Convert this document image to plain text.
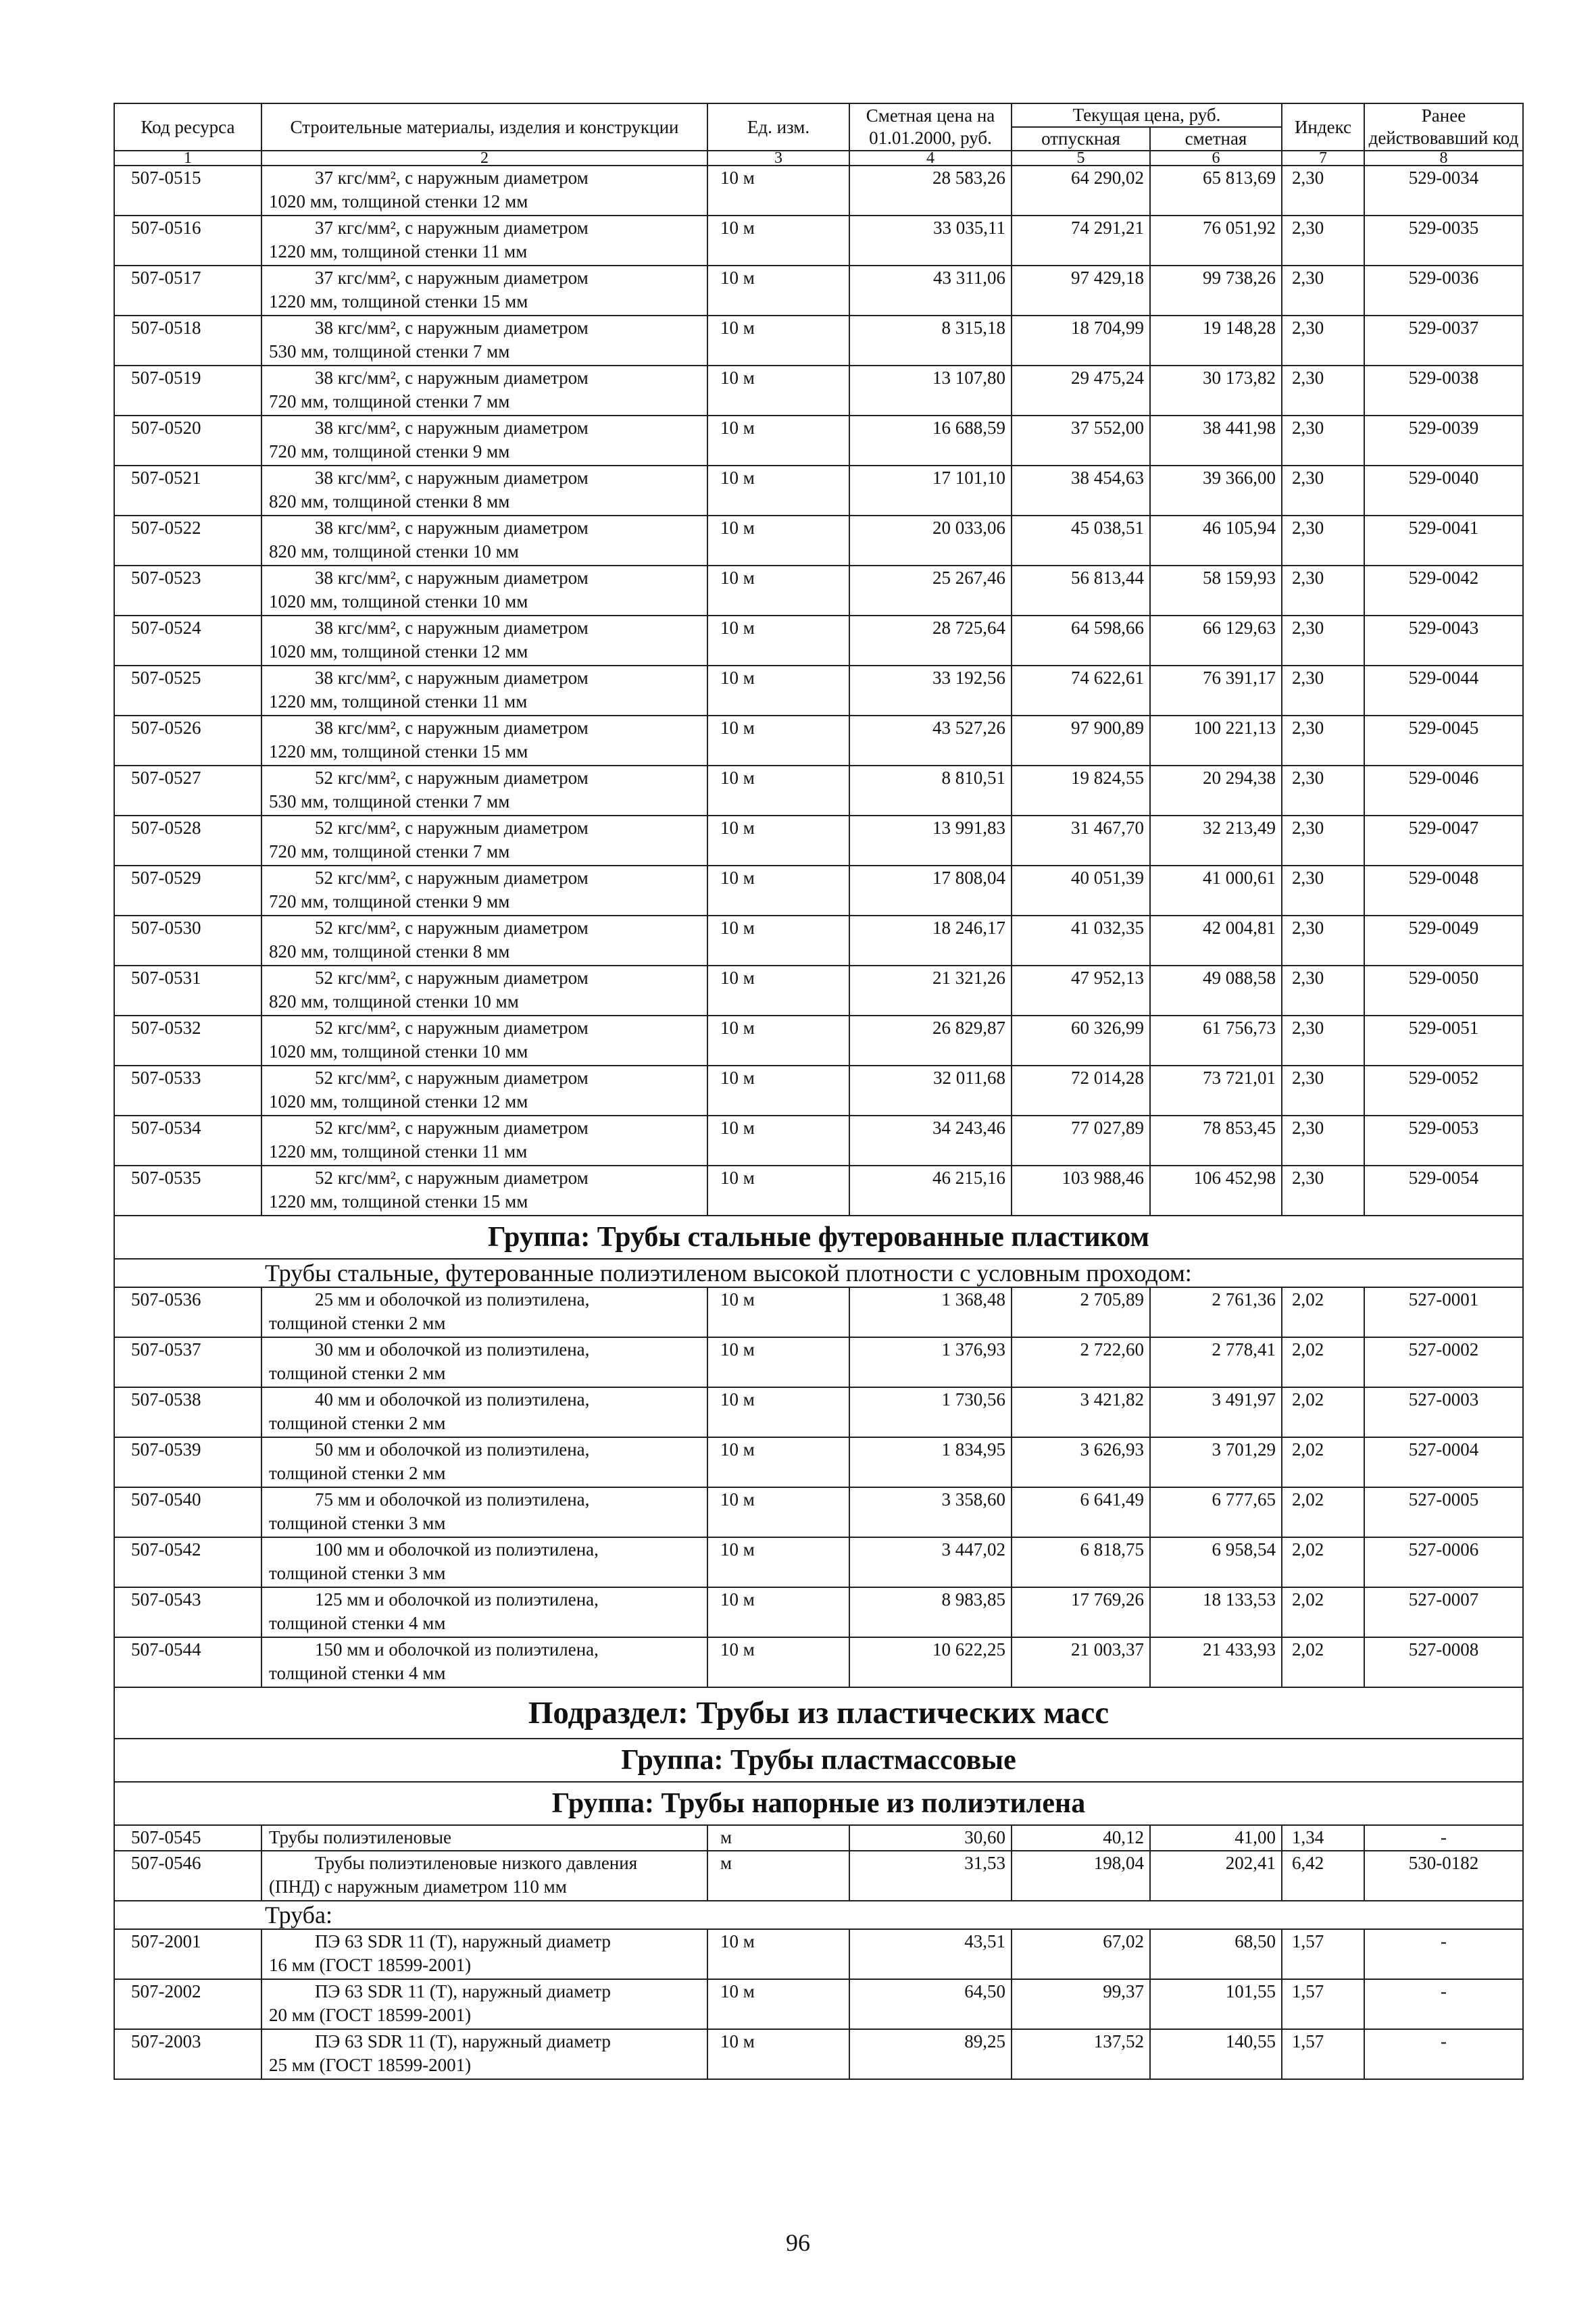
Код ресурса	Строительные материалы, изделия и конструкции	Ед. изм.	Сметная цена на 01.01.2000, руб.	Текущая цена, руб.		Индекс	Ранее действовавший код
				отпускная	сметная		
1	2	3	4	5	6	7	8
507-0515	37 кгс/мм², с наружным диаметром
1020 мм, толщиной стенки 12 мм	10 м	28 583,26	64 290,02	65 813,69	2,30	529-0034
507-0516	37 кгс/мм², с наружным диаметром
1220 мм, толщиной стенки 11 мм	10 м	33 035,11	74 291,21	76 051,92	2,30	529-0035
507-0517	37 кгс/мм², с наружным диаметром
1220 мм, толщиной стенки 15 мм	10 м	43 311,06	97 429,18	99 738,26	2,30	529-0036
507-0518	38 кгс/мм², с наружным диаметром
530 мм, толщиной стенки 7 мм	10 м	8 315,18	18 704,99	19 148,28	2,30	529-0037
507-0519	38 кгс/мм², с наружным диаметром
720 мм, толщиной стенки 7 мм	10 м	13 107,80	29 475,24	30 173,82	2,30	529-0038
507-0520	38 кгс/мм², с наружным диаметром
720 мм, толщиной стенки 9 мм	10 м	16 688,59	37 552,00	38 441,98	2,30	529-0039
507-0521	38 кгс/мм², с наружным диаметром
820 мм, толщиной стенки 8 мм	10 м	17 101,10	38 454,63	39 366,00	2,30	529-0040
507-0522	38 кгс/мм², с наружным диаметром
820 мм, толщиной стенки 10 мм	10 м	20 033,06	45 038,51	46 105,94	2,30	529-0041
507-0523	38 кгс/мм², с наружным диаметром
1020 мм, толщиной стенки 10 мм	10 м	25 267,46	56 813,44	58 159,93	2,30	529-0042
507-0524	38 кгс/мм², с наружным диаметром
1020 мм, толщиной стенки 12 мм	10 м	28 725,64	64 598,66	66 129,63	2,30	529-0043
507-0525	38 кгс/мм², с наружным диаметром
1220 мм, толщиной стенки 11 мм	10 м	33 192,56	74 622,61	76 391,17	2,30	529-0044
507-0526	38 кгс/мм², с наружным диаметром
1220 мм, толщиной стенки 15 мм	10 м	43 527,26	97 900,89	100 221,13	2,30	529-0045
507-0527	52 кгс/мм², с наружным диаметром
530 мм, толщиной стенки 7 мм	10 м	8 810,51	19 824,55	20 294,38	2,30	529-0046
507-0528	52 кгс/мм², с наружным диаметром
720 мм, толщиной стенки 7 мм	10 м	13 991,83	31 467,70	32 213,49	2,30	529-0047
507-0529	52 кгс/мм², с наружным диаметром
720 мм, толщиной стенки 9 мм	10 м	17 808,04	40 051,39	41 000,61	2,30	529-0048
507-0530	52 кгс/мм², с наружным диаметром
820 мм, толщиной стенки 8 мм	10 м	18 246,17	41 032,35	42 004,81	2,30	529-0049
507-0531	52 кгс/мм², с наружным диаметром
820 мм, толщиной стенки 10 мм	10 м	21 321,26	47 952,13	49 088,58	2,30	529-0050
507-0532	52 кгс/мм², с наружным диаметром
1020 мм, толщиной стенки 10 мм	10 м	26 829,87	60 326,99	61 756,73	2,30	529-0051
507-0533	52 кгс/мм², с наружным диаметром
1020 мм, толщиной стенки 12 мм	10 м	32 011,68	72 014,28	73 721,01	2,30	529-0052
507-0534	52 кгс/мм², с наружным диаметром
1220 мм, толщиной стенки 11 мм	10 м	34 243,46	77 027,89	78 853,45	2,30	529-0053
507-0535	52 кгс/мм², с наружным диаметром
1220 мм, толщиной стенки 15 мм	10 м	46 215,16	103 988,46	106 452,98	2,30	529-0054
Группа: Трубы стальные футерованные пластиком							
Трубы стальные, футерованные полиэтиленом высокой плотности с условным проходом:							
507-0536	25 мм и оболочкой из полиэтилена,
толщиной стенки 2 мм	10 м	1 368,48	2 705,89	2 761,36	2,02	527-0001
507-0537	30 мм и оболочкой из полиэтилена,
толщиной стенки 2 мм	10 м	1 376,93	2 722,60	2 778,41	2,02	527-0002
507-0538	40 мм и оболочкой из полиэтилена,
толщиной стенки 2 мм	10 м	1 730,56	3 421,82	3 491,97	2,02	527-0003
507-0539	50 мм и оболочкой из полиэтилена,
толщиной стенки 2 мм	10 м	1 834,95	3 626,93	3 701,29	2,02	527-0004
507-0540	75 мм и оболочкой из полиэтилена,
толщиной стенки 3 мм	10 м	3 358,60	6 641,49	6 777,65	2,02	527-0005
507-0542	100 мм и оболочкой из полиэтилена,
толщиной стенки 3 мм	10 м	3 447,02	6 818,75	6 958,54	2,02	527-0006
507-0543	125 мм и оболочкой из полиэтилена,
толщиной стенки 4 мм	10 м	8 983,85	17 769,26	18 133,53	2,02	527-0007
507-0544	150 мм и оболочкой из полиэтилена,
толщиной стенки 4 мм	10 м	10 622,25	21 003,37	21 433,93	2,02	527-0008
Подраздел: Трубы из пластических масс							
Группа: Трубы пластмассовые							
Группа: Трубы напорные из полиэтилена							
507-0545	Трубы полиэтиленовые	м	30,60	40,12	41,00	1,34	-
507-0546	Трубы полиэтиленовые низкого давления
(ПНД) с наружным диаметром 110 мм	м	31,53	198,04	202,41	6,42	530-0182
Труба:							
507-2001	ПЭ 63 SDR 11 (Т), наружный диаметр
16 мм (ГОСТ 18599-2001)	10 м	43,51	67,02	68,50	1,57	-
507-2002	ПЭ 63 SDR 11 (Т), наружный диаметр
20 мм (ГОСТ 18599-2001)	10 м	64,50	99,37	101,55	1,57	-
507-2003	ПЭ 63 SDR 11 (Т), наружный диаметр
25 мм (ГОСТ 18599-2001)	10 м	89,25	137,52	140,55	1,57	-
96
